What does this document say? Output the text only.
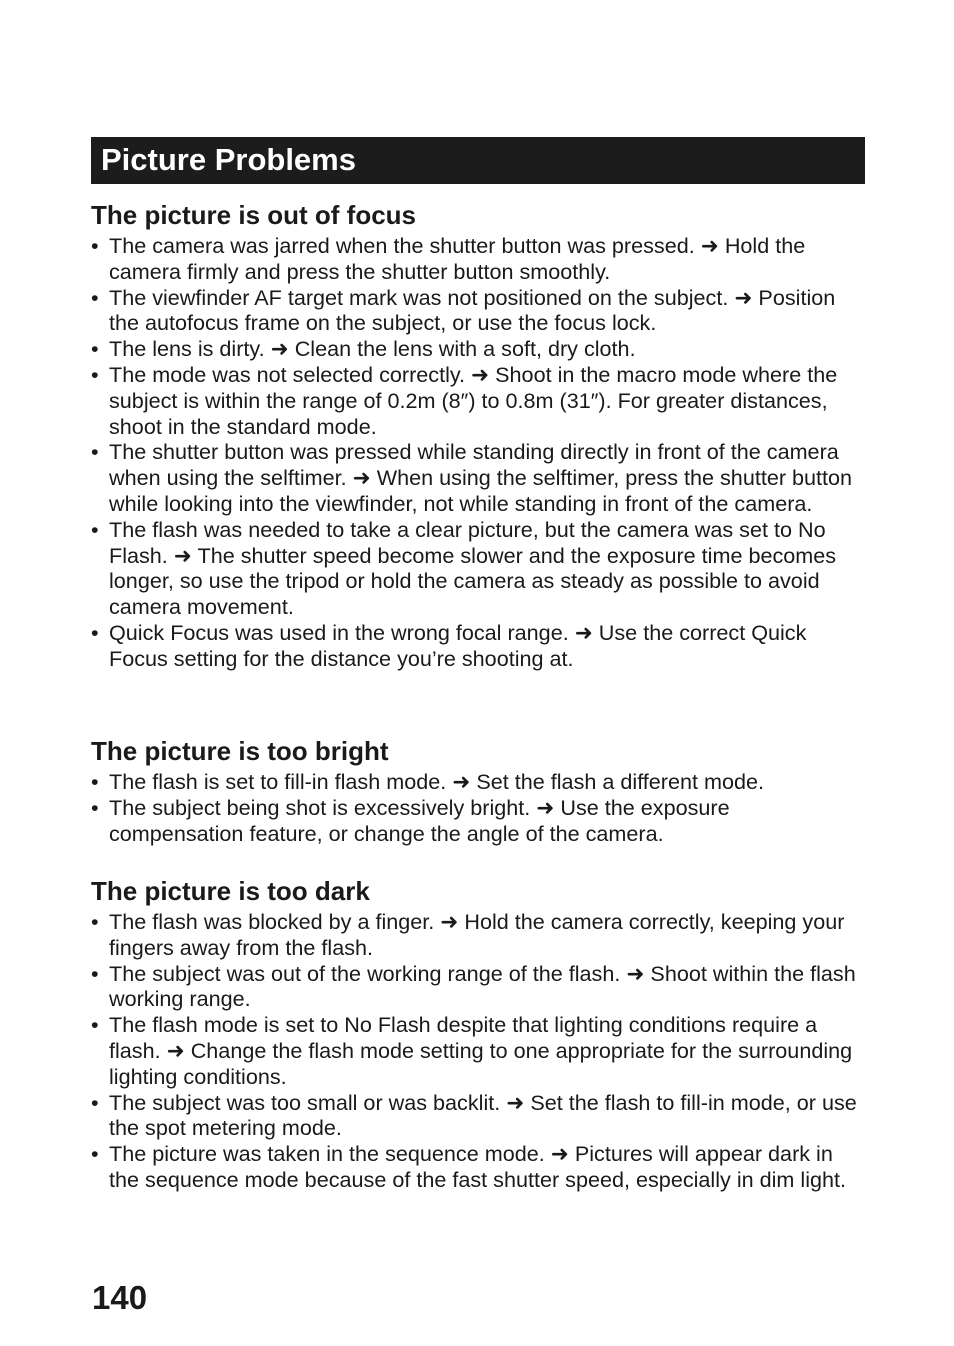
Picture Problems
The picture is out of focus
• The camera was jarred when the shutter button was pressed. ➜ Hold the camera firmly and press the shutter button smoothly.
• The viewfinder AF target mark was not positioned on the subject. ➜ Position the autofocus frame on the subject, or use the focus lock.
• The lens is dirty. ➜ Clean the lens with a soft, dry cloth.
• The mode was not selected correctly. ➜ Shoot in the macro mode where the subject is within the range of 0.2m (8″) to 0.8m (31″). For greater distances, shoot in the standard mode.
• The shutter button was pressed while standing directly in front of the camera when using the selftimer. ➜ When using the selftimer, press the shutter button while looking into the viewfinder, not while standing in front of the camera.
• The flash was needed to take a clear picture, but the camera was set to No Flash. ➜ The shutter speed become slower and the exposure time becomes longer, so use the tripod or hold the camera as steady as possible to avoid camera movement.
• Quick Focus was used in the wrong focal range. ➜ Use the correct Quick Focus setting for the distance you’re shooting at.
The picture is too bright
• The flash is set to fill-in flash mode. ➜ Set the flash a different mode.
• The subject being shot is excessively bright. ➜ Use the exposure compensation feature, or change the angle of the camera.
The picture is too dark
• The flash was blocked by a finger. ➜ Hold the camera correctly, keeping your fingers away from the flash.
• The subject was out of the working range of the flash. ➜ Shoot within the flash working range.
• The flash mode is set to No Flash despite that lighting conditions require a flash. ➜ Change the flash mode setting to one appropriate for the surrounding lighting conditions.
• The subject was too small or was backlit. ➜ Set the flash to fill-in mode, or use the spot metering mode.
• The picture was taken in the sequence mode. ➜ Pictures will appear dark in the sequence mode because of the fast shutter speed, especially in dim light.
140
